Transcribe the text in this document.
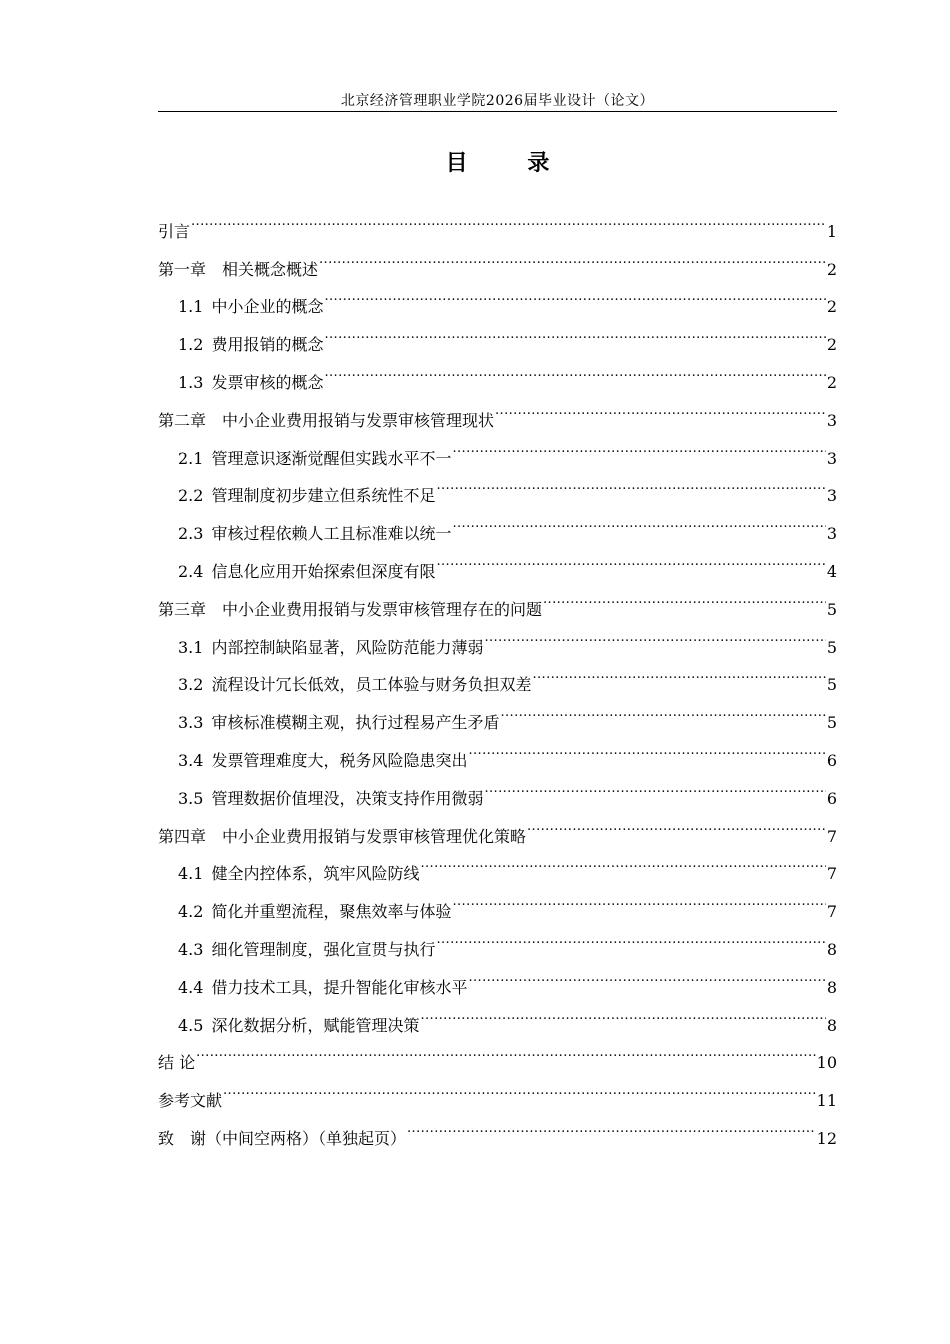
北京经济管理职业学院2026届毕业设计（论文）
目 录
引言 .....	1
第一章　相关概念概述 .....	2
1.1 中小企业的概念 .....	2
1.2 费用报销的概念 .....	2
1.3 发票审核的概念 .....	2
第二章　中小企业费用报销与发票审核管理现状 .....	3
2.1 管理意识逐渐觉醒但实践水平不一 .....	3
2.2 管理制度初步建立但系统性不足 .....	3
2.3 审核过程依赖人工且标准难以统一 .....	3
2.4 信息化应用开始探索但深度有限 .....	4
第三章　中小企业费用报销与发票审核管理存在的问题 .....	5
3.1 内部控制缺陷显著，风险防范能力薄弱 .....	5
3.2 流程设计冗长低效，员工体验与财务负担双差 .....	5
3.3 审核标准模糊主观，执行过程易产生矛盾 .....	5
3.4 发票管理难度大，税务风险隐患突出 .....	6
3.5 管理数据价值埋没，决策支持作用微弱 .....	6
第四章　中小企业费用报销与发票审核管理优化策略 .....	7
4.1 健全内控体系，筑牢风险防线 .....	7
4.2 简化并重塑流程，聚焦效率与体验 .....	7
4.3 细化管理制度，强化宣贯与执行 .....	8
4.4 借力技术工具，提升智能化审核水平 .....	8
4.5 深化数据分析，赋能管理决策 .....	8
结 论 .....	10
参考文献 .....	11
致　谢（中间空两格）（单独起页） .....	12
